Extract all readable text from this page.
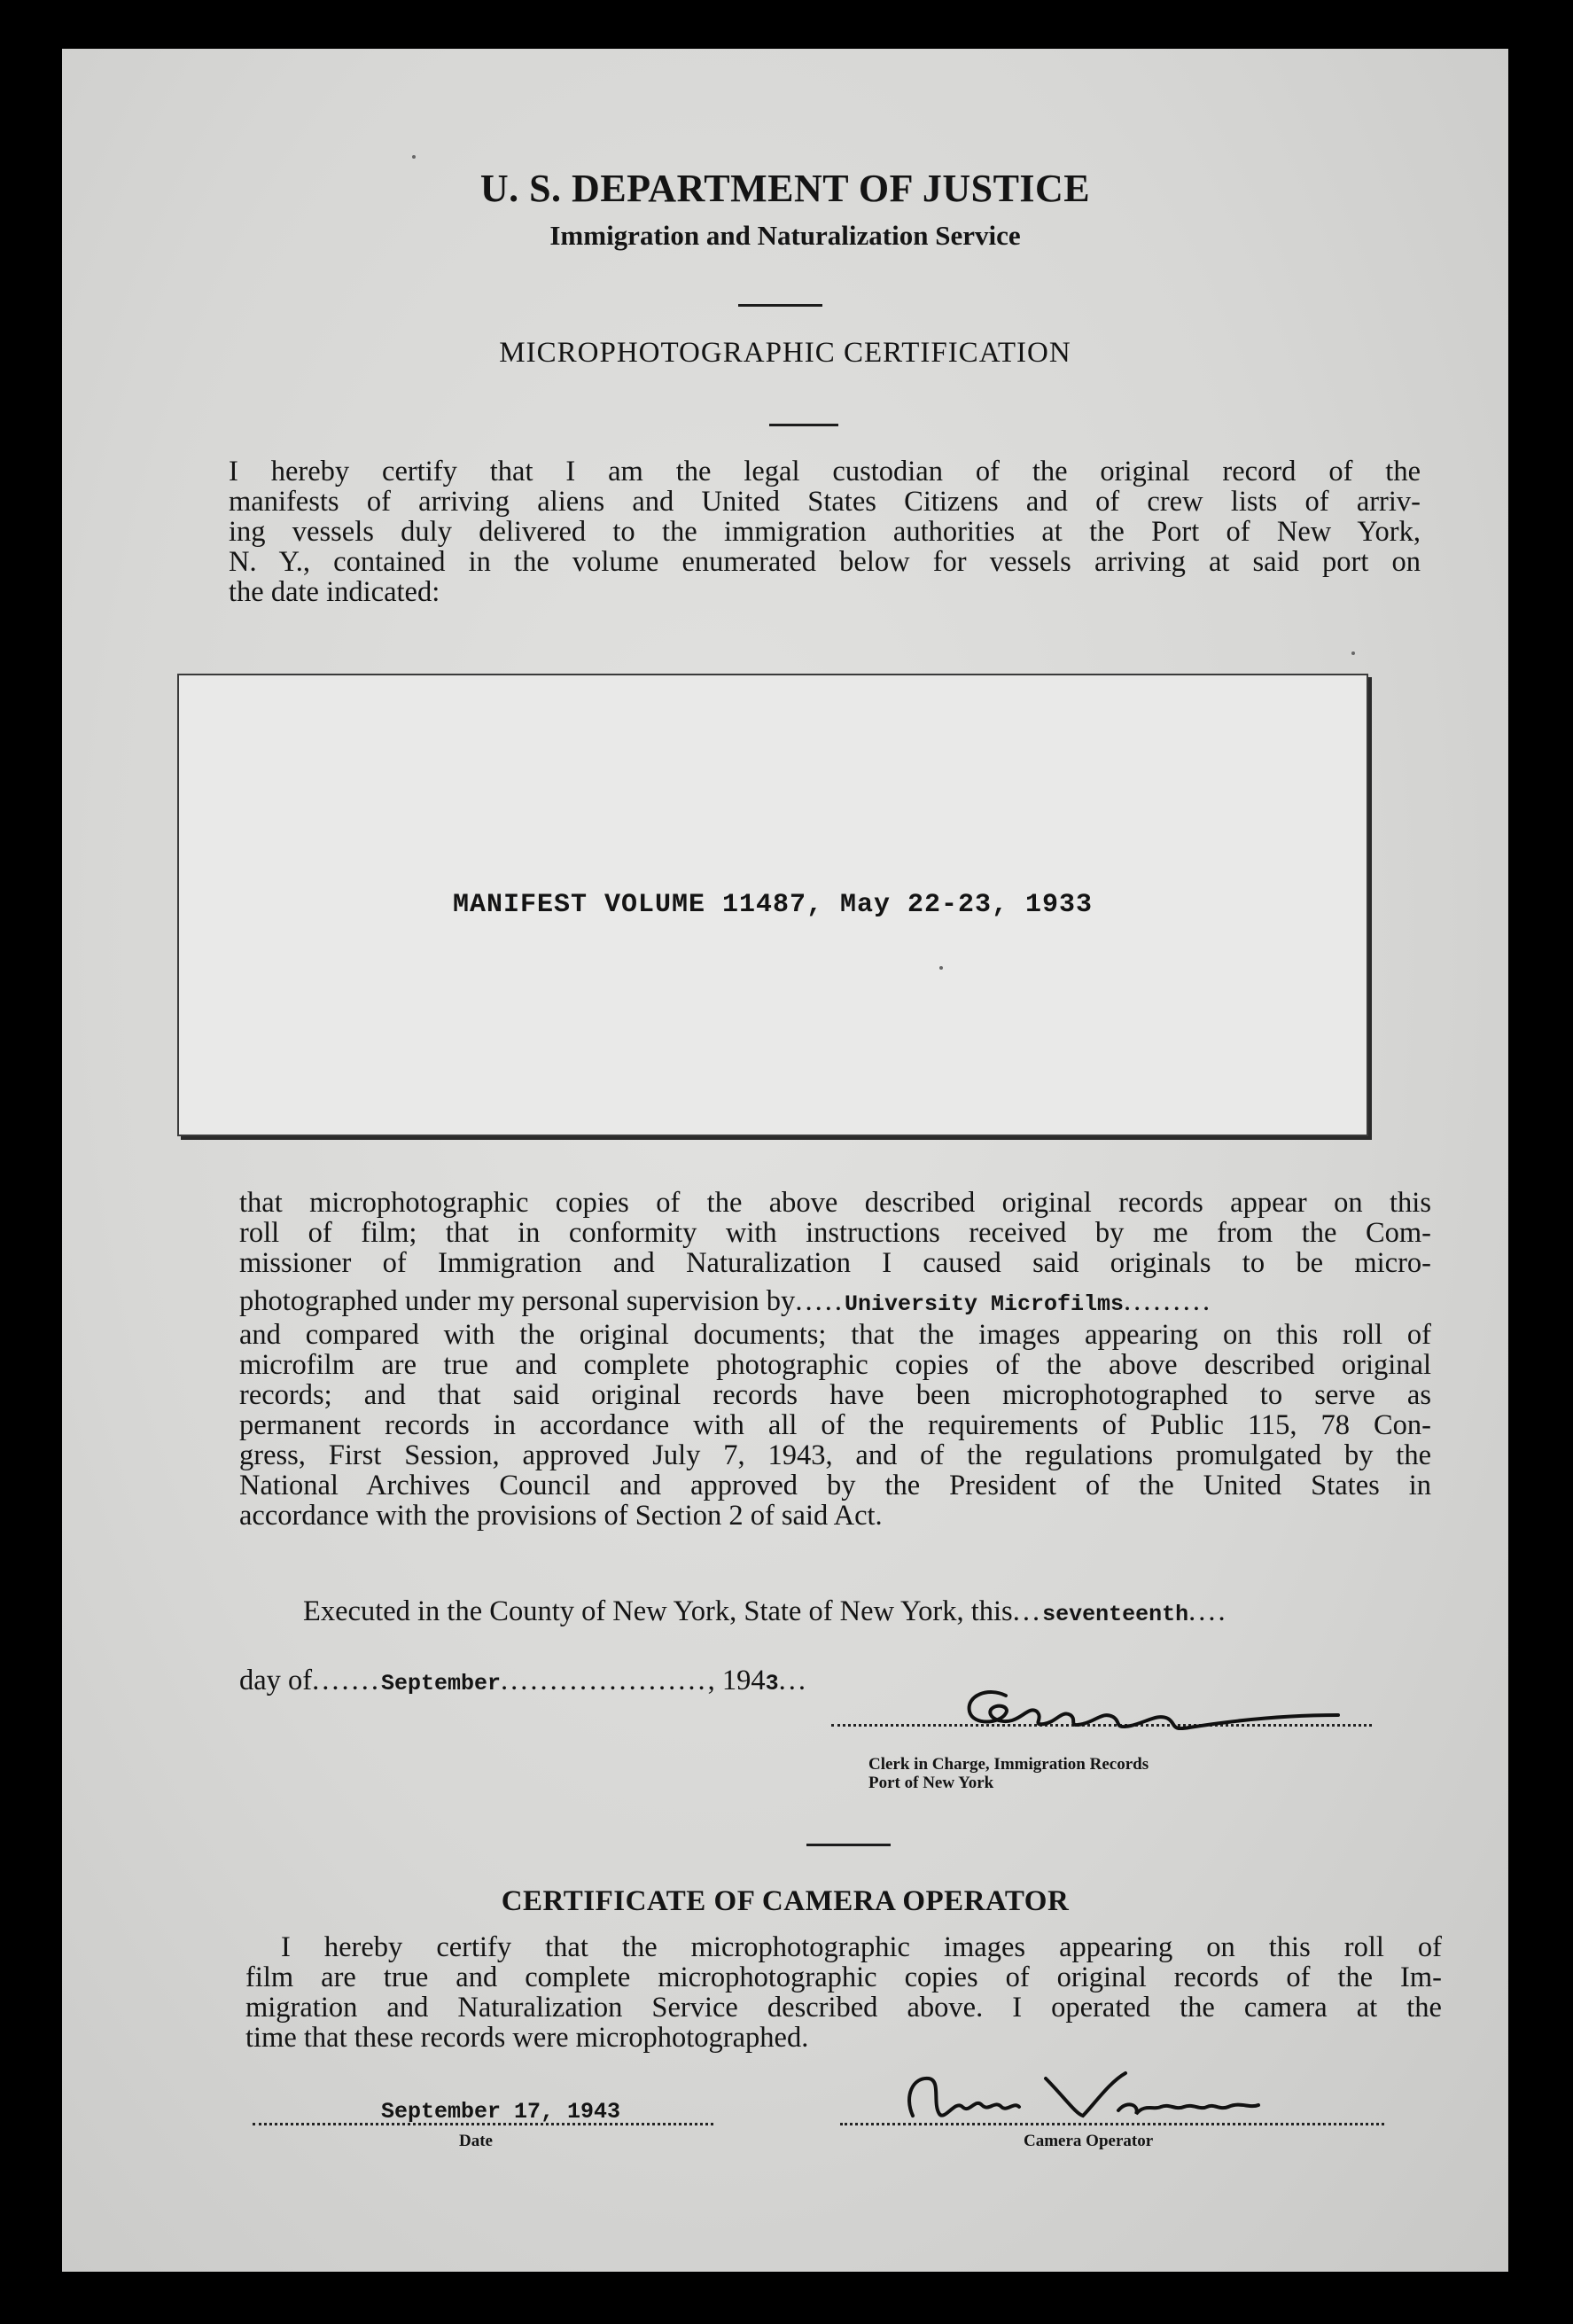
U. S. DEPARTMENT OF JUSTICE
Immigration and Naturalization Service
MICROPHOTOGRAPHIC CERTIFICATION
I hereby certify that I am the legal custodian of the original record of the
manifests of arriving aliens and United States Citizens and of crew lists of arriv-
ing vessels duly delivered to the immigration authorities at the Port of New York,
N. Y., contained in the volume enumerated below for vessels arriving at said port on
the date indicated:
MANIFEST VOLUME 11487, May 22-23, 1933
that microphotographic copies of the above described original records appear on this
roll of film; that in conformity with instructions received by me from the Com-
missioner of Immigration and Naturalization I caused said originals to be micro-
photographed under my personal supervision by.....University Microfilms.........
and compared with the original documents; that the images appearing on this roll of
microfilm are true and complete photographic copies of the above described original
records; and that said original records have been microphotographed to serve as
permanent records in accordance with all of the requirements of Public 115, 78 Con-
gress, First Session, approved July 7, 1943, and of the regulations promulgated by the
National Archives Council and approved by the President of the United States in
accordance with the provisions of Section 2 of said Act.
Executed in the County of New York, State of New York, this...seventeenth....
day of.......September....................., 1943...
Clerk in Charge, Immigration Records
Port of New York
CERTIFICATE OF CAMERA OPERATOR
I hereby certify that the microphotographic images appearing on this roll of
film are true and complete microphotographic copies of original records of the Im-
migration and Naturalization Service described above. I operated the camera at the
time that these records were microphotographed.
September 17, 1943
Date	Camera Operator
